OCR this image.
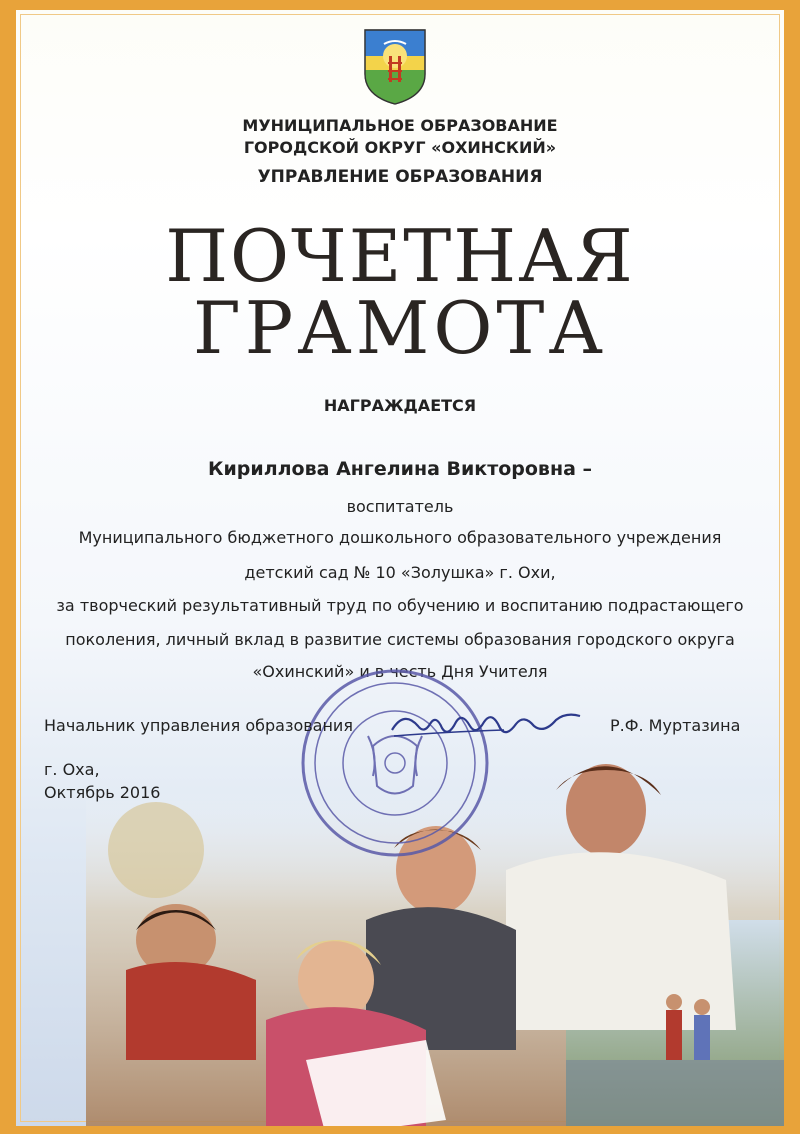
МУНИЦИПАЛЬНОЕ ОБРАЗОВАНИЕ
ГОРОДСКОЙ ОКРУГ «ОХИНСКИЙ»
УПРАВЛЕНИЕ ОБРАЗОВАНИЯ
ПОЧЕТНАЯ
ГРАМОТА
НАГРАЖДАЕТСЯ
Кириллова Ангелина Викторовна –
воспитатель
Муниципального бюджетного дошкольного образовательного учреждения
детский сад № 10 «Золушка» г. Охи,
за творческий результативный труд по обучению и воспитанию подрастающего
поколения, личный вклад в развитие системы образования городского округа
«Охинский» и в честь Дня Учителя
Начальник управления образования	Р.Ф. Муртазина
г. Оха,
Октябрь 2016
